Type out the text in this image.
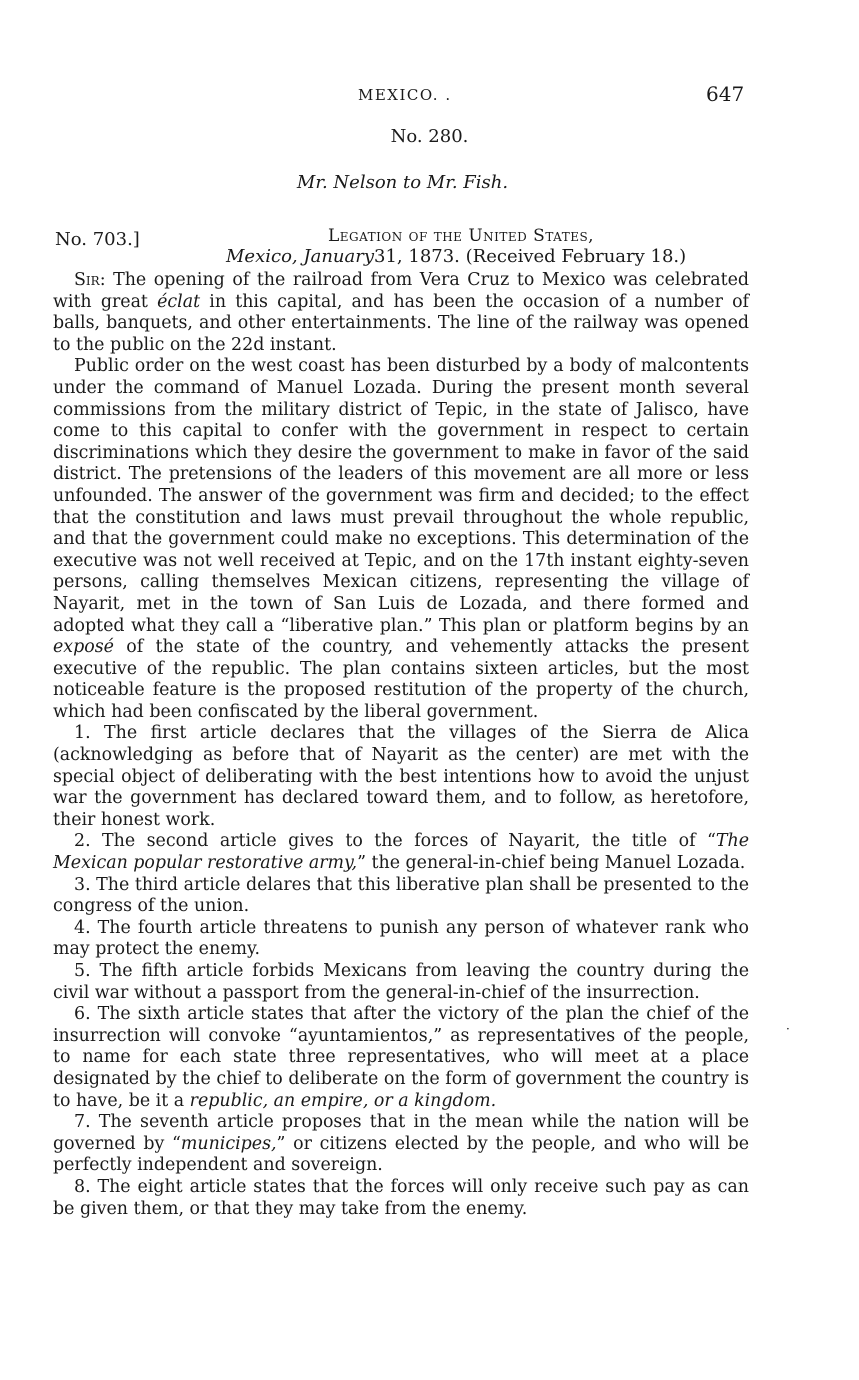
MEXICO. .	647
No. 280.
Mr. Nelson to Mr. Fish.
No. 703.]	Legation of the United States,
Mexico, January31, 1873. (Received February 18.)

Sir: The opening of the railroad from Vera Cruz to Mexico was celebrated with great éclat in this capital, and has been the occasion of a number of balls, banquets, and other entertainments. The line of the railway was opened to the public on the 22d instant.

Public order on the west coast has been disturbed by a body of malcontents under the command of Manuel Lozada. During the present month several commissions from the military district of Tepic, in the state of Jalisco, have come to this capital to confer with the government in respect to certain discriminations which they desire the government to make in favor of the said district. The pretensions of the leaders of this movement are all more or less unfounded. The answer of the government was firm and decided; to the effect that the constitution and laws must prevail throughout the whole republic, and that the government could make no exceptions. This determination of the executive was not well received at Tepic, and on the 17th instant eighty-seven persons, calling themselves Mexican citizens, representing the village of Nayarit, met in the town of San Luis de Lozada, and there formed and adopted what they call a “liberative plan.” This plan or platform begins by an exposé of the state of the country, and vehemently attacks the present executive of the republic. The plan contains sixteen articles, but the most noticeable feature is the proposed restitution of the property of the church, which had been confiscated by the liberal government.

1. The first article declares that the villages of the Sierra de Alica (acknowledging as before that of Nayarit as the center) are met with the special object of deliberating with the best intentions how to avoid the unjust war the government has declared toward them, and to follow, as heretofore, their honest work.

2. The second article gives to the forces of Nayarit, the title of “The Mexican popular restorative army,” the general-in-chief being Manuel Lozada.

3. The third article delares that this liberative plan shall be presented to the congress of the union.

4. The fourth article threatens to punish any person of whatever rank who may protect the enemy.

5. The fifth article forbids Mexicans from leaving the country during the civil war without a passport from the general-in-chief of the insurrection.

6. The sixth article states that after the victory of the plan the chief of the insurrection will convoke “ayuntamientos,” as representatives of the people, to name for each state three representatives, who will meet at a place designated by the chief to deliberate on the form of government the country is to have, be it a republic, an empire, or a kingdom.

7. The seventh article proposes that in the mean while the nation will be governed by “municipes,” or citizens elected by the people, and who will be perfectly independent and sovereign.

8. The eight article states that the forces will only receive such pay as can be given them, or that they may take from the enemy.

·
